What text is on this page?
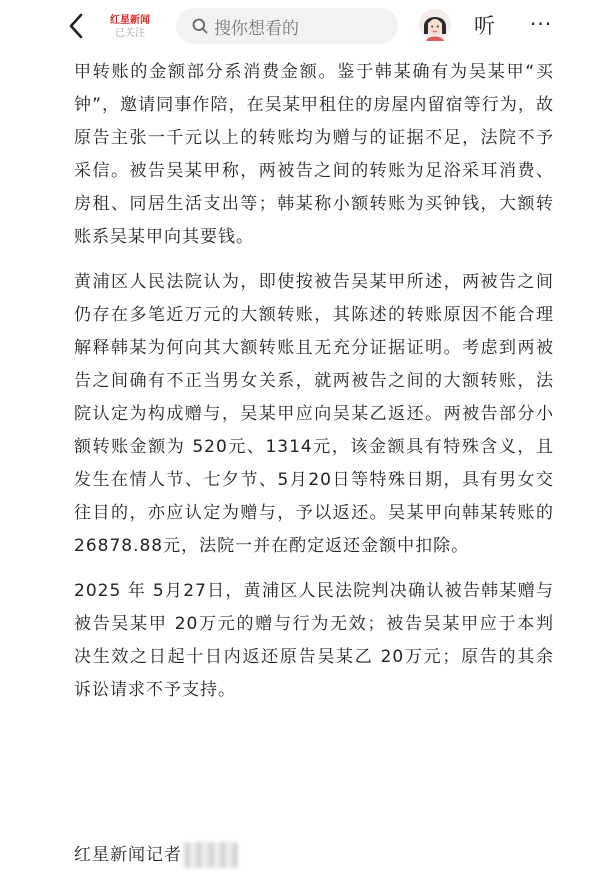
红星新闻
已关注	搜你想看的	听 ···

甲转账的金额部分系消费金额。鉴于韩某确有为吴某甲“买钟”，邀请同事作陪，在吴某甲租住的房屋内留宿等行为，故原告主张一千元以上的转账均为赠与的证据不足，法院不予采信。被告吴某甲称，两被告之间的转账为足浴采耳消费、房租、同居生活支出等；韩某称小额转账为买钟钱，大额转账系吴某甲向其要钱。

黄浦区人民法院认为，即使按被告吴某甲所述，两被告之间仍存在多笔近万元的大额转账，其陈述的转账原因不能合理解释韩某为何向其大额转账且无充分证据证明。考虑到两被告之间确有不正当男女关系，就两被告之间的大额转账，法院认定为构成赠与，吴某甲应向吴某乙返还。两被告部分小额转账金额为 520元、1314元，该金额具有特殊含义，且发生在情人节、七夕节、5月20日等特殊日期，具有男女交往目的，亦应认定为赠与，予以返还。吴某甲向韩某转账的 26878.88元，法院一并在酌定返还金额中扣除。

2025 年 5月27日，黄浦区人民法院判决确认被告韩某赠与被告吴某甲 20万元的赠与行为无效；被告吴某甲应于本判决生效之日起十日内返还原告吴某乙 20万元；原告的其余诉讼请求不予支持。

红星新闻记者
